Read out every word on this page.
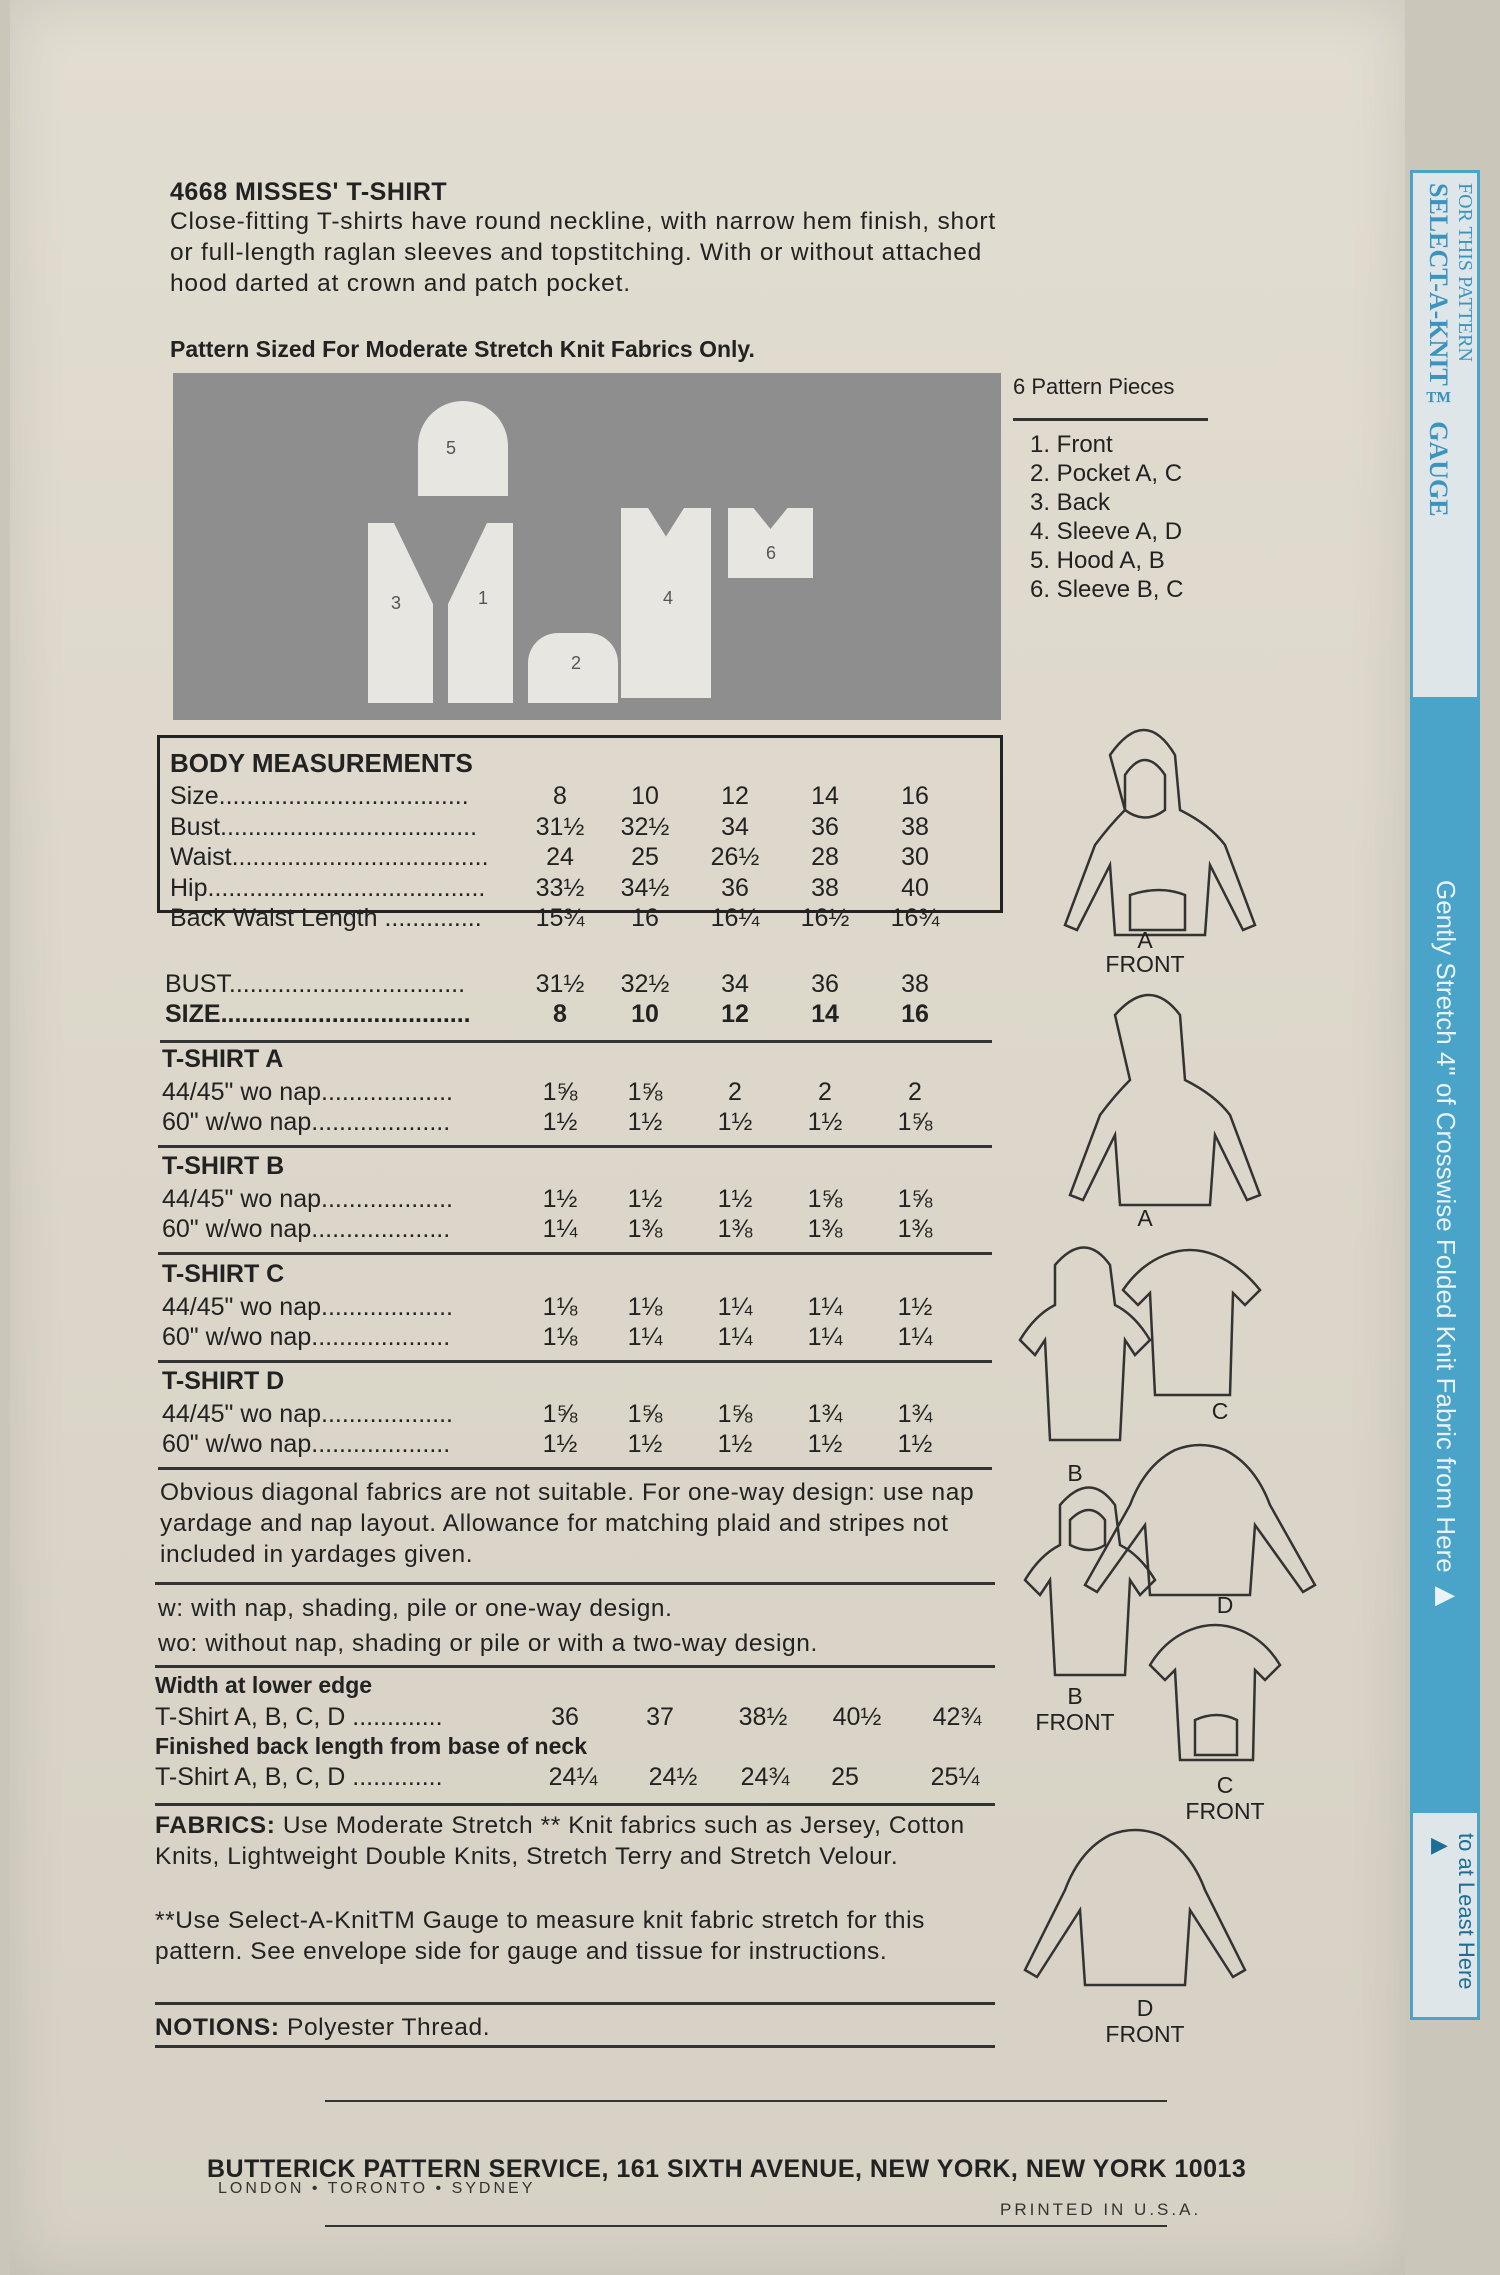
4668 MISSES' T-SHIRT
Close-fitting T-shirts have round neckline, with narrow hem finish, short or full-length raglan sleeves and topstitching. With or without attached hood darted at crown and patch pocket.
Pattern Sized For Moderate Stretch Knit Fabrics Only.
5
3	1
2
4
6
6 Pattern Pieces
1. Front
2. Pocket A, C
3. Back
4. Sleeve A, D
5. Hood A, B
6. Sleeve B, C
BODY MEASUREMENTS
Size....................................	8	10	12	14	16
Bust.....................................	31½	32½	34	36	38
Waist.....................................	24	25	26½	28	30
Hip........................................	33½	34½	36	38	40
Back Waist Length ..............	15¾	16	16¼	16½	16¾
BUST..................................	31½	32½	34	36	38
SIZE....................................	8	10	12	14	16
T-SHIRT A
44/45" wo nap...................	1⅝	1⅝	2	2	2
60" w/wo nap....................	1½	1½	1½	1½	1⅝
T-SHIRT B
44/45" wo nap...................	1½	1½	1½	1⅝	1⅝
60" w/wo nap....................	1¼	1⅜	1⅜	1⅜	1⅜
T-SHIRT C
44/45" wo nap...................	1⅛	1⅛	1¼	1¼	1½
60" w/wo nap....................	1⅛	1¼	1¼	1¼	1¼
T-SHIRT D
44/45" wo nap...................	1⅝	1⅝	1⅝	1¾	1¾
60" w/wo nap....................	1½	1½	1½	1½	1½
Obvious diagonal fabrics are not suitable. For one-way design: use nap yardage and nap layout. Allowance for matching plaid and stripes not included in yardages given.
w: with nap, shading, pile or one-way design.
wo: without nap, shading or pile or with a two-way design.
Width at lower edge
T-Shirt A, B, C, D .............	36	37	38½	40½	42¾
Finished back length from base of neck
T-Shirt A, B, C, D .............	24¼	24½	24¾	25	25¼
FABRICS: Use Moderate Stretch ** Knit fabrics such as Jersey, Cotton Knits, Lightweight Double Knits, Stretch Terry and Stretch Velour.
**Use Select-A-KnitTM Gauge to measure knit fabric stretch for this pattern. See envelope side for gauge and tissue for instructions.
NOTIONS: Polyester Thread.
A
FRONT
A
B
C
D
B
FRONT
C
FRONT
D
FRONT
BUTTERICK PATTERN SERVICE, 161 SIXTH AVENUE, NEW YORK, NEW YORK 10013
LONDON • TORONTO • SYDNEY
PRINTED IN U.S.A.
SELECT-A-KNIT™ GAUGE FOR THIS PATTERN
Gently Stretch 4" of Crosswise Folded Knit Fabric from Here ▶
to at Least Here ▶
